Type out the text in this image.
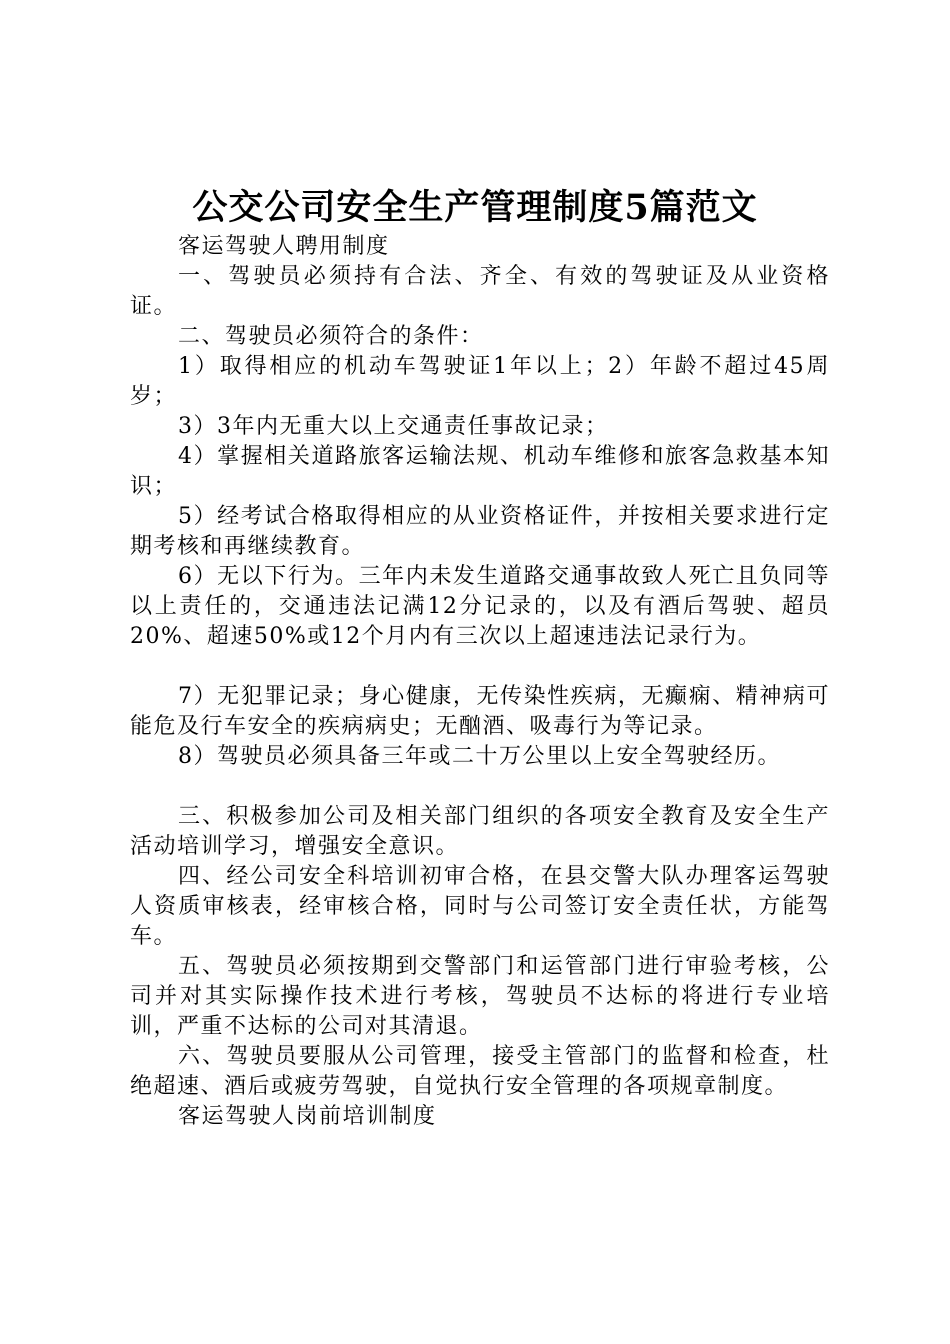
公交公司安全生产管理制度5篇范文

客运驾驶人聘用制度

一、驾驶员必须持有合法、齐全、有效的驾驶证及从业资格证。

二、驾驶员必须符合的条件：

1）取得相应的机动车驾驶证1年以上；2）年龄不超过45周岁；

3）3年内无重大以上交通责任事故记录；

4）掌握相关道路旅客运输法规、机动车维修和旅客急救基本知识；

5）经考试合格取得相应的从业资格证件，并按相关要求进行定期考核和再继续教育。

6）无以下行为。三年内未发生道路交通事故致人死亡且负同等以上责任的，交通违法记满12分记录的，以及有酒后驾驶、超员20%、超速50%或12个月内有三次以上超速违法记录行为。

7）无犯罪记录；身心健康，无传染性疾病，无癫痫、精神病可能危及行车安全的疾病病史；无酗酒、吸毒行为等记录。

8）驾驶员必须具备三年或二十万公里以上安全驾驶经历。

三、积极参加公司及相关部门组织的各项安全教育及安全生产活动培训学习，增强安全意识。

四、经公司安全科培训初审合格，在县交警大队办理客运驾驶人资质审核表，经审核合格，同时与公司签订安全责任状，方能驾车。

五、驾驶员必须按期到交警部门和运管部门进行审验考核，公司并对其实际操作技术进行考核，驾驶员不达标的将进行专业培训，严重不达标的公司对其清退。

六、驾驶员要服从公司管理，接受主管部门的监督和检查，杜绝超速、酒后或疲劳驾驶，自觉执行安全管理的各项规章制度。

客运驾驶人岗前培训制度
